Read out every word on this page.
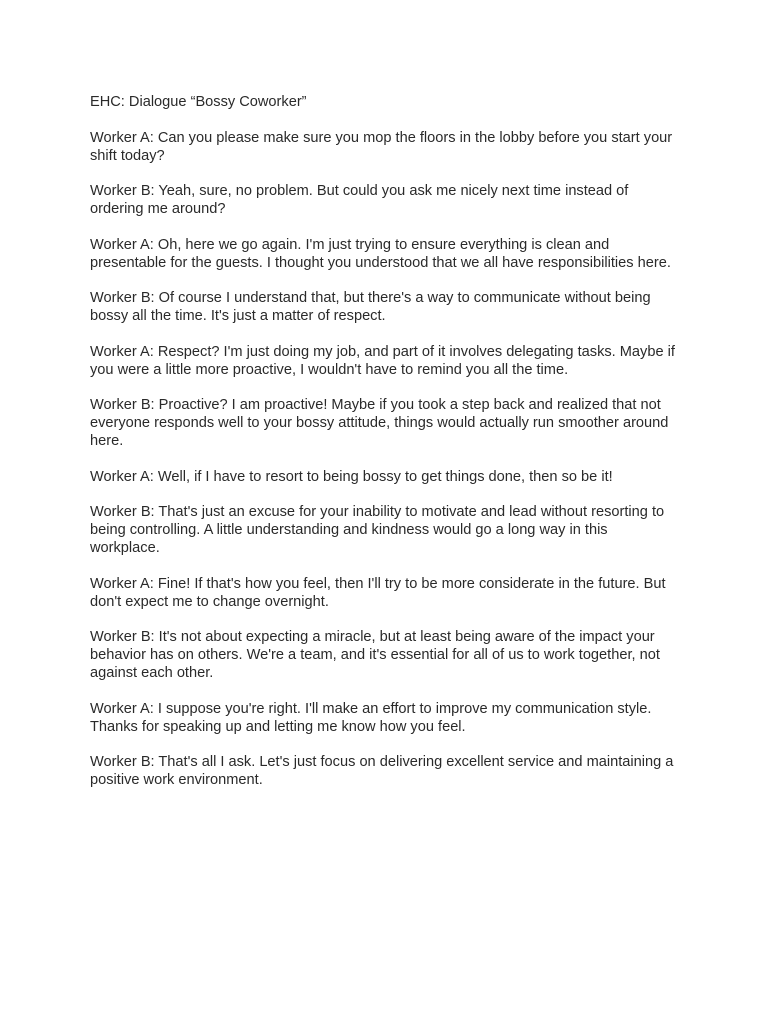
EHC: Dialogue “Bossy Coworker”

Worker A: Can you please make sure you mop the floors in the lobby before you start your shift today?

Worker B: Yeah, sure, no problem. But could you ask me nicely next time instead of ordering me around?

Worker A: Oh, here we go again. I'm just trying to ensure everything is clean and presentable for the guests. I thought you understood that we all have responsibilities here.

Worker B: Of course I understand that, but there's a way to communicate without being bossy all the time. It's just a matter of respect.

Worker A: Respect? I'm just doing my job, and part of it involves delegating tasks. Maybe if you were a little more proactive, I wouldn't have to remind you all the time.

Worker B: Proactive? I am proactive! Maybe if you took a step back and realized that not everyone responds well to your bossy attitude, things would actually run smoother around here.

Worker A: Well, if I have to resort to being bossy to get things done, then so be it!

Worker B: That's just an excuse for your inability to motivate and lead without resorting to being controlling. A little understanding and kindness would go a long way in this workplace.

Worker A: Fine! If that's how you feel, then I'll try to be more considerate in the future. But don't expect me to change overnight.

Worker B: It's not about expecting a miracle, but at least being aware of the impact your behavior has on others. We're a team, and it's essential for all of us to work together, not against each other.

Worker A: I suppose you're right. I'll make an effort to improve my communication style. Thanks for speaking up and letting me know how you feel.

Worker B: That's all I ask. Let's just focus on delivering excellent service and maintaining a positive work environment.
